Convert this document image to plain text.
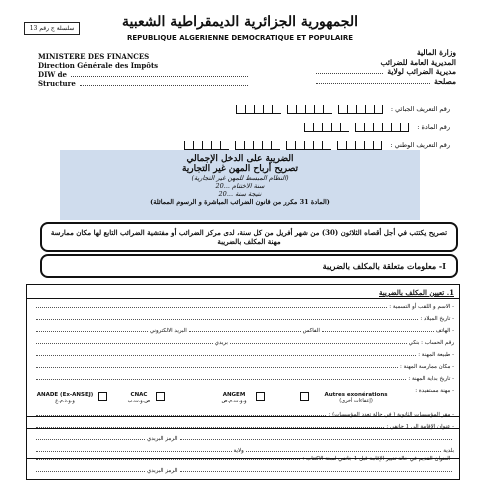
سلسلة ج رقم 13	الجمهورية الجزائرية الديمقراطية الشعبية
REPUBLIQUE ALGERIENNE DEMOCRATIQUE ET POPULAIRE
MINISTERE DES FINANCES
Direction Générale des Impôts
DIW de
Structure
وزارة المالية
المديرية العامة للضرائب
مديرية الضرائب لولاية
مصلحة
رقم التعريف الجبائي :
رقم المادة :
رقم التعريف الوطني :
الضريبة على الدخل الإجمالي
تصريح أرباح المهن غير التجارية
(النظام المبسط للمهن غير التجارية)
سنة الاختتام ...20
نتيجة سنة ...20
(المادة 31 مكرر من قانون الضرائب المباشرة و الرسوم المماثلة)
تصريح يكتتب في أجل أقصاه الثلاثون (30) من شهر أفريل من كل سنة، لدى مركز الضرائب أو مفتشية الضرائب التابع لها مكان ممارسة مهنة المكلف بالضريبة
I- معلومات متعلقة بالمكلف بالضريبة
1. تعيين المكلف بالضريبة
- الاسم و اللقب أو التسمية :
- تاريخ الميلاد :
- الهاتف
الفاكس
البريد الالكتروني
رقم الحساب : بنكي
بريدي
- طبيعة المهنة :
- مكان ممارسة المهنة :
- تاريخ بداية المهنة :
- مهنة مستفيدة :
ANADE (Ex-ANSEJ)
و.و.د.م.ع
CNAC
ص.و.ت.ب
ANGEM
و.و.ت.م.ص
Autres exonérations
(إعفاءات أخرى)
- مقر المؤسسات الثانوية ( في حالة تعدد المؤسسات) :
- عنوان الإقامة الى 1 جانفي :
الرمز البريدي
بلدية
ولاية
- العنوان القديم في حالة تغيير الإقامة قبل 1 جانفي لسنة الاكتتاب :
الرمز البريدي
